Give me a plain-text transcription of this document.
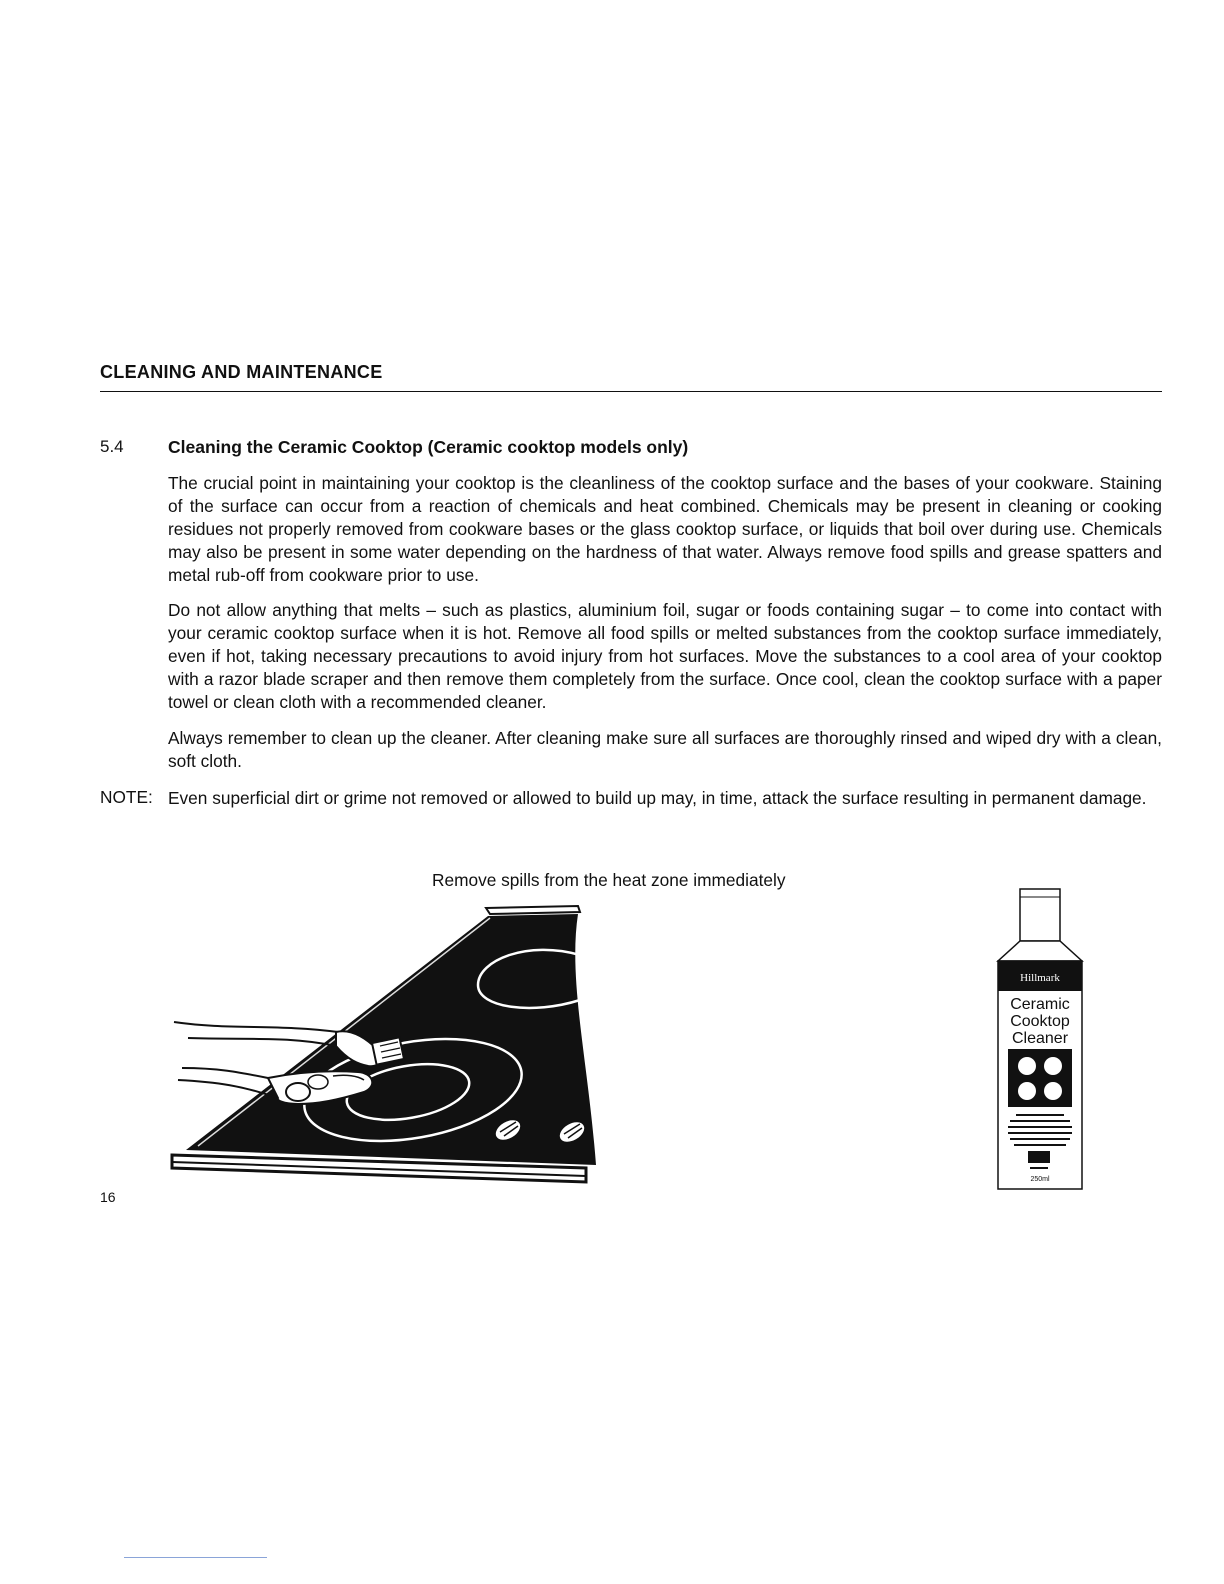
CLEANING AND MAINTENANCE
5.4	Cleaning the Ceramic Cooktop (Ceramic cooktop models only)

The crucial point in maintaining your cooktop is the cleanliness of the cooktop surface and the bases of your cookware. Staining of the surface can occur from a reaction of chemicals and heat combined. Chemicals may be present in cleaning or cooking residues not properly removed from cookware bases or the glass cooktop surface, or liquids that boil over during use. Chemicals may also be present in some water depending on the hardness of that water. Always remove food spills and grease spatters and metal rub-off from cookware prior to use.

Do not allow anything that melts – such as plastics, aluminium foil, sugar or foods containing sugar – to come into contact with your ceramic cooktop surface when it is hot. Remove all food spills or melted substances from the cooktop surface immediately, even if hot, taking necessary precautions to avoid injury from hot surfaces. Move the substances to a cool area of your cooktop with a razor blade scraper and then remove them completely from the surface. Once cool, clean the cooktop surface with a paper towel or clean cloth with a recommended cleaner.

Always remember to clean up the cleaner. After cleaning make sure all surfaces are thoroughly rinsed and wiped dry with a clean, soft cloth.

NOTE: Even superficial dirt or grime not removed or allowed to build up may, in time, attack the surface resulting in permanent damage.

Remove spills from the heat zone immediately
Hillmark
Ceramic
Cooktop
Cleaner
250ml
16
